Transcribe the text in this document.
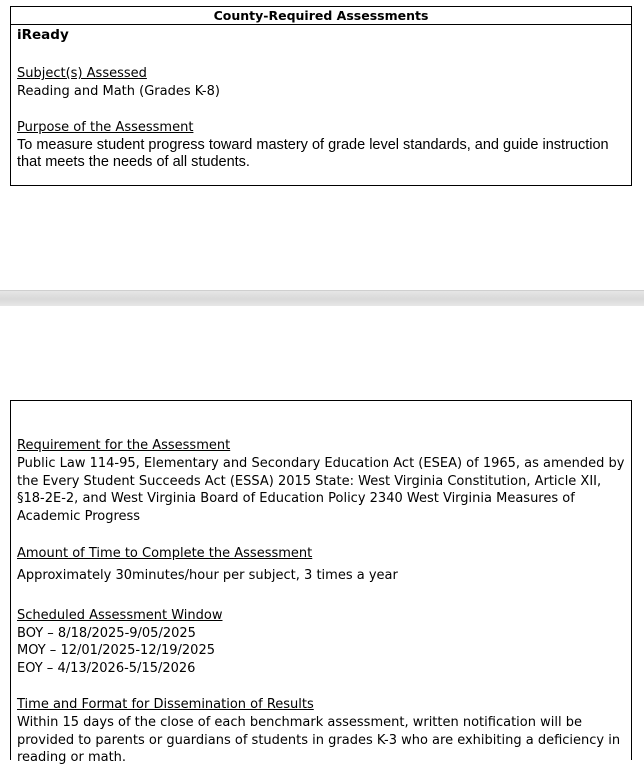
County-Required Assessments
iReady
Subject(s) Assessed
Reading and Math (Grades K-8)
Purpose of the Assessment
To measure student progress toward mastery of grade level standards, and guide instruction that meets the needs of all students.
Requirement for the Assessment
Public Law 114-95, Elementary and Secondary Education Act (ESEA) of 1965, as amended by the Every Student Succeeds Act (ESSA) 2015 State: West Virginia Constitution, Article XII, §18-2E-2, and West Virginia Board of Education Policy 2340 West Virginia Measures of Academic Progress
Amount of Time to Complete the Assessment
Approximately 30minutes/hour per subject, 3 times a year
Scheduled Assessment Window
BOY – 8/18/2025-9/05/2025
MOY – 12/01/2025-12/19/2025
EOY – 4/13/2026-5/15/2026
Time and Format for Dissemination of Results
Within 15 days of the close of each benchmark assessment, written notification will be provided to parents or guardians of students in grades K-3 who are exhibiting a deficiency in reading or math.
